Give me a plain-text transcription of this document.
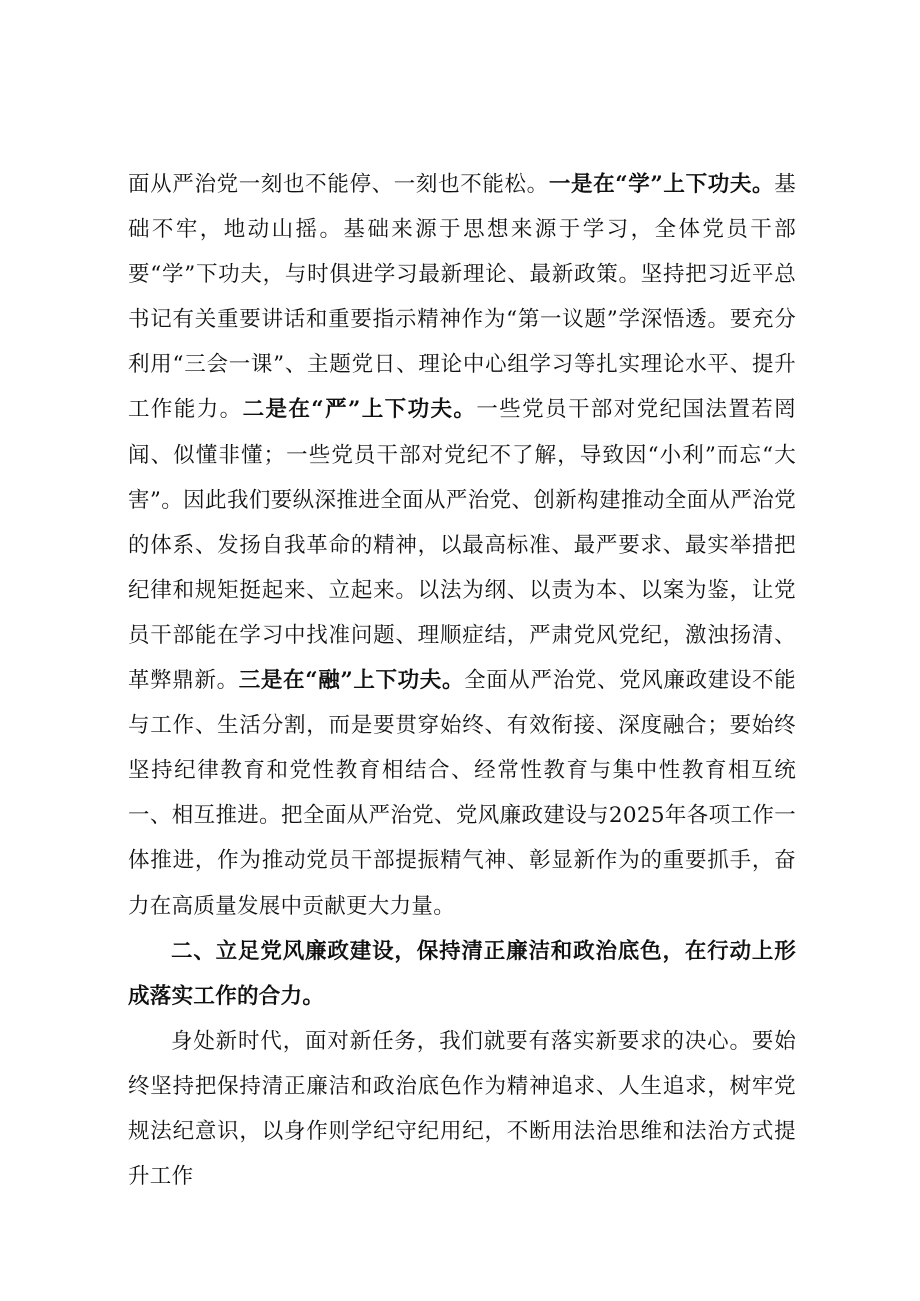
面从严治党一刻也不能停、一刻也不能松。一是在“学”上下功夫。基础不牢，地动山摇。基础来源于思想来源于学习，全体党员干部要“学”下功夫，与时俱进学习最新理论、最新政策。坚持把习近平总书记有关重要讲话和重要指示精神作为“第一议题”学深悟透。要充分利用“三会一课”、主题党日、理论中心组学习等扎实理论水平、提升工作能力。二是在“严”上下功夫。一些党员干部对党纪国法置若罔闻、似懂非懂；一些党员干部对党纪不了解，导致因“小利”而忘“大害”。因此我们要纵深推进全面从严治党、创新构建推动全面从严治党的体系、发扬自我革命的精神，以最高标准、最严要求、最实举措把纪律和规矩挺起来、立起来。以法为纲、以责为本、以案为鉴，让党员干部能在学习中找准问题、理顺症结，严肃党风党纪，激浊扬清、革弊鼎新。三是在“融”上下功夫。全面从严治党、党风廉政建设不能与工作、生活分割，而是要贯穿始终、有效衔接、深度融合；要始终坚持纪律教育和党性教育相结合、经常性教育与集中性教育相互统一、相互推进。把全面从严治党、党风廉政建设与2025年各项工作一体推进，作为推动党员干部提振精气神、彰显新作为的重要抓手，奋力在高质量发展中贡献更大力量。

二、立足党风廉政建设，保持清正廉洁和政治底色，在行动上形成落实工作的合力。

身处新时代，面对新任务，我们就要有落实新要求的决心。要始终坚持把保持清正廉洁和政治底色作为精神追求、人生追求，树牢党规法纪意识，以身作则学纪守纪用纪，不断用法治思维和法治方式提升工作
